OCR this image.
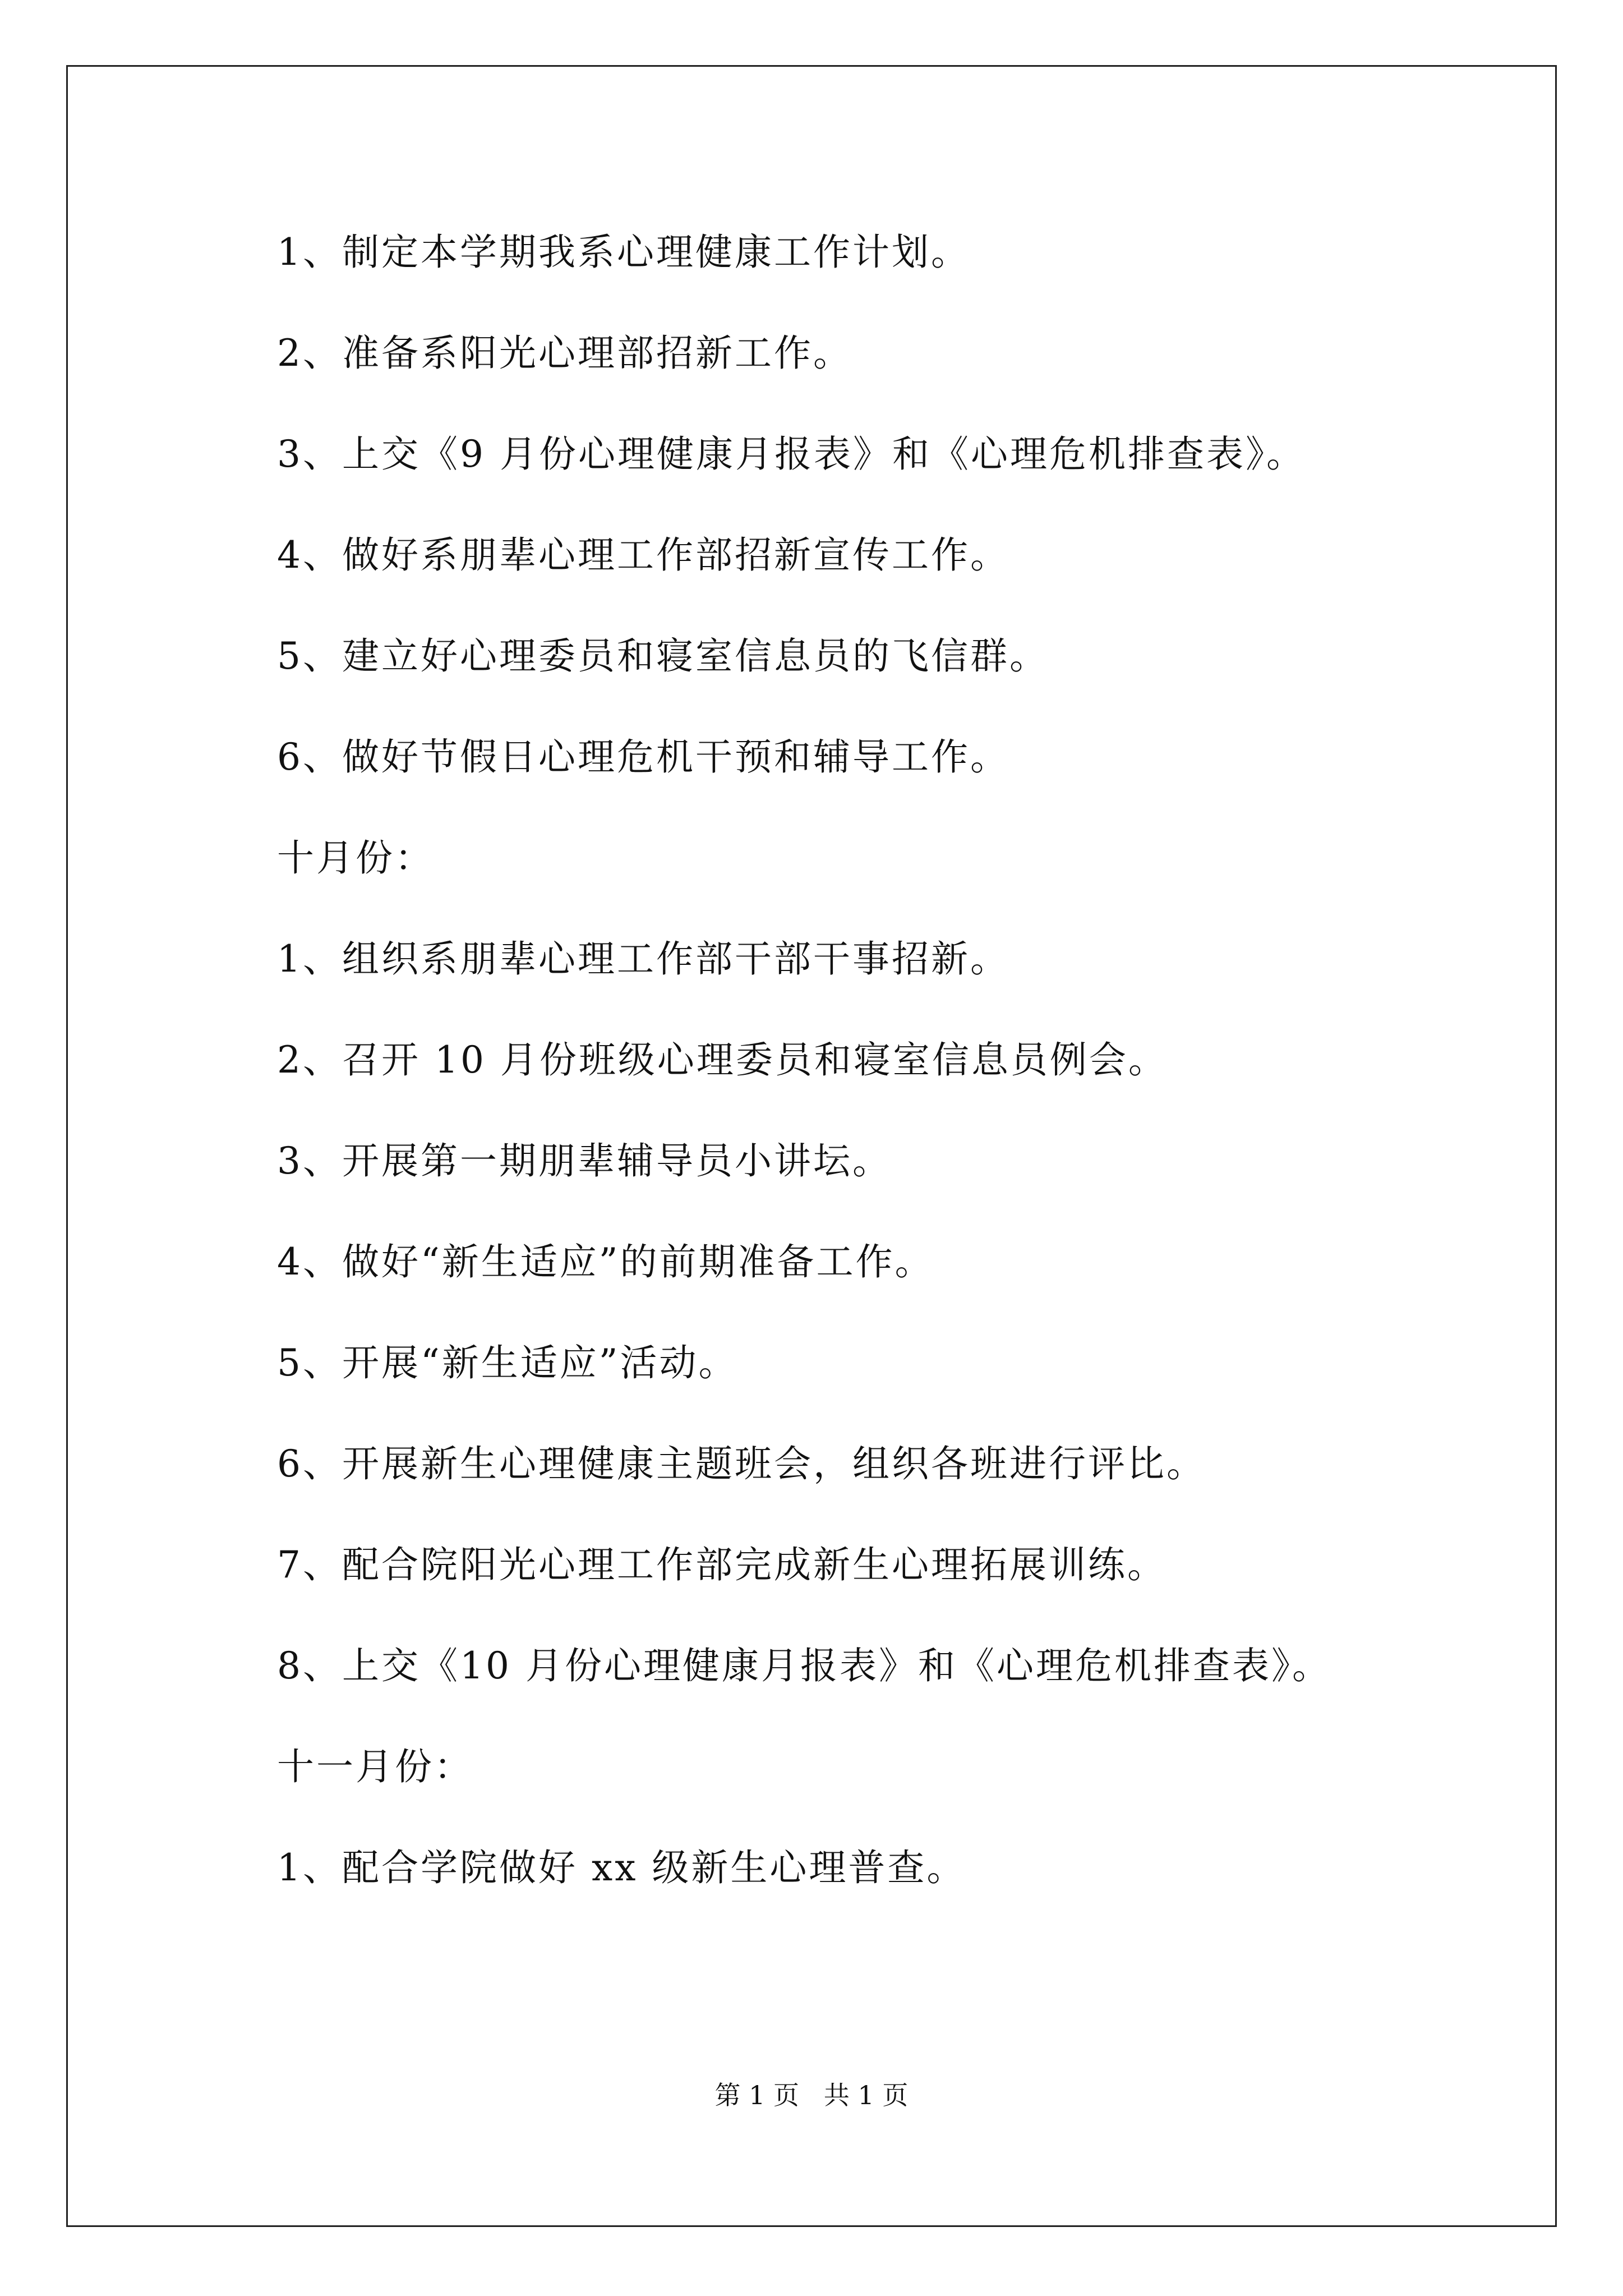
1、制定本学期我系心理健康工作计划。
2、准备系阳光心理部招新工作。
3、上交《9 月份心理健康月报表》和《心理危机排查表》。
4、做好系朋辈心理工作部招新宣传工作。
5、建立好心理委员和寝室信息员的飞信群。
6、做好节假日心理危机干预和辅导工作。
十月份：
1、组织系朋辈心理工作部干部干事招新。
2、召开 10 月份班级心理委员和寝室信息员例会。
3、开展第一期朋辈辅导员小讲坛。
4、做好“新生适应”的前期准备工作。
5、开展“新生适应”活动。
6、开展新生心理健康主题班会，组织各班进行评比。
7、配合院阳光心理工作部完成新生心理拓展训练。
8、上交《10 月份心理健康月报表》和《心理危机排查表》。
十一月份：
1、配合学院做好 xx 级新生心理普查。
第 1 页   共 1 页
